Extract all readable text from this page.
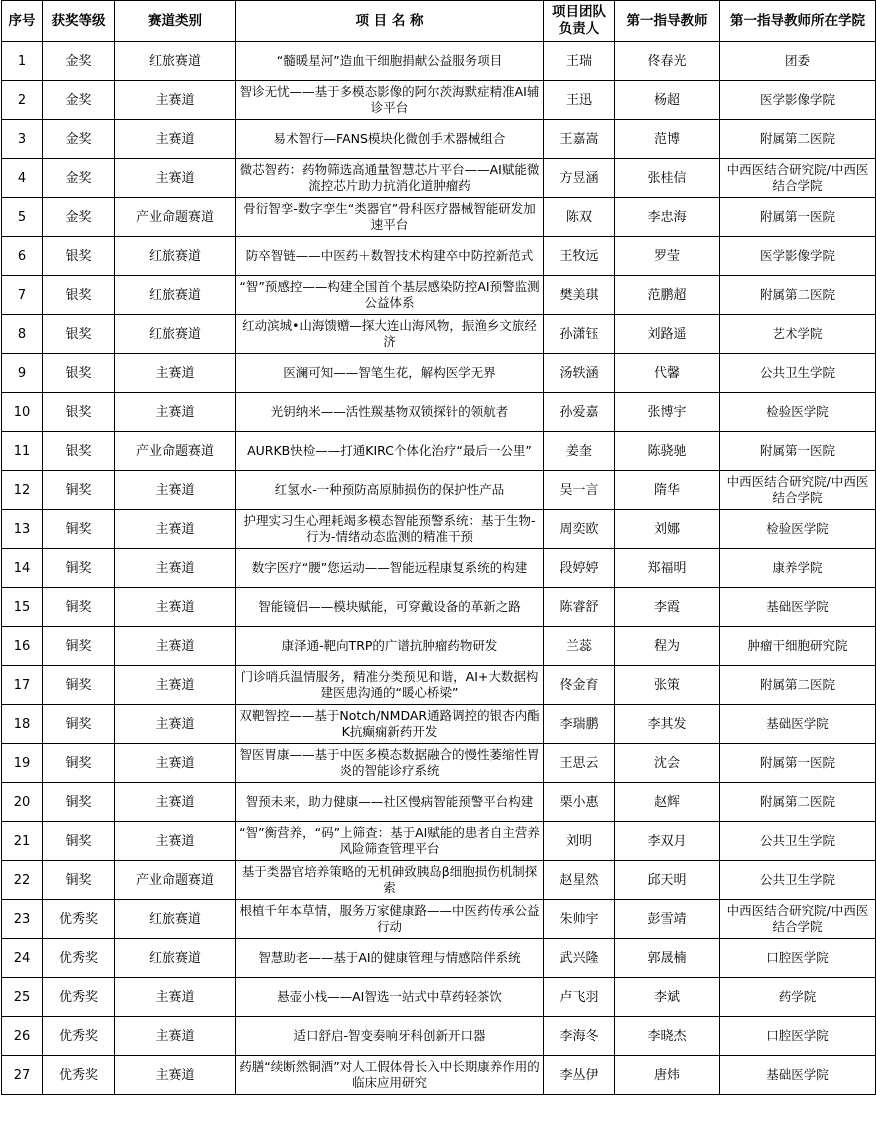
序号	获奖等级	赛道类别	项 目 名 称	项目团队负责人	第一指导教师	第一指导教师所在学院
1	金奖	红旅赛道	“髓暖星河”造血干细胞捐献公益服务项目	王瑞	佟春光	团委
2	金奖	主赛道	智诊无忧——基于多模态影像的阿尔茨海默症精准AI辅诊平台	王迅	杨超	医学影像学院
3	金奖	主赛道	易术智行—FANS模块化微创手术器械组合	王嘉嵩	范博	附属第二医院
4	金奖	主赛道	微芯智药：药物筛选高通量智慧芯片平台——AI赋能微流控芯片助力抗消化道肿瘤药	方昱涵	张桂信	中西医结合研究院/中西医结合学院
5	金奖	产业命题赛道	骨衍智孪-数字孪生“类器官”骨科医疗器械智能研发加速平台	陈双	李忠海	附属第一医院
6	银奖	红旅赛道	防卒智链——中医药＋数智技术构建卒中防控新范式	王牧远	罗莹	医学影像学院
7	银奖	红旅赛道	“智”预感控——构建全国首个基层感染防控AI预警监测公益体系	樊美琪	范鹏超	附属第二医院
8	银奖	红旅赛道	红动滨城•山海馈赠—探大连山海风物，振渔乡文旅经济	孙潇钰	刘路遥	艺术学院
9	银奖	主赛道	医澜可知——智笔生花，解构医学无界	汤轶涵	代馨	公共卫生学院
10	银奖	主赛道	光钥纳米——活性羰基物双锁探针的领航者	孙爱嘉	张博宇	检验医学院
11	银奖	产业命题赛道	AURKB快检——打通KIRC个体化治疗“最后一公里”	姜奎	陈骁驰	附属第一医院
12	铜奖	主赛道	红氢水-一种预防高原肺损伤的保护性产品	吴一言	隋华	中西医结合研究院/中西医结合学院
13	铜奖	主赛道	护理实习生心理耗竭多模态智能预警系统：基于生物- 行为-情绪动态监测的精准干预	周奕欧	刘娜	检验医学院
14	铜奖	主赛道	数字医疗“腰”您运动——智能远程康复系统的构建	段婷婷	郑福明	康养学院
15	铜奖	主赛道	智能镜侣——模块赋能，可穿戴设备的革新之路	陈睿舒	李霞	基础医学院
16	铜奖	主赛道	康泽通-靶向TRP的广谱抗肿瘤药物研发	兰蕊	程为	肿瘤干细胞研究院
17	铜奖	主赛道	门诊哨兵温情服务，精准分类预见和谐，AI+大数据构建医患沟通的“暖心桥梁”	佟金育	张策	附属第二医院
18	铜奖	主赛道	双靶智控——基于Notch/NMDAR通路调控的银杏内酯K抗癫痫新药开发	李瑞鹏	李其发	基础医学院
19	铜奖	主赛道	智医胃康——基于中医多模态数据融合的慢性萎缩性胃炎的智能诊疗系统	王思云	沈会	附属第一医院
20	铜奖	主赛道	智预未来，助力健康——社区慢病智能预警平台构建	栗小惠	赵辉	附属第二医院
21	铜奖	主赛道	“智”衡营养，“码”上筛查：基于AI赋能的患者自主营养风险筛查管理平台	刘明	李双月	公共卫生学院
22	铜奖	产业命题赛道	基于类器官培养策略的无机砷致胰岛β细胞损伤机制探索	赵星然	邱天明	公共卫生学院
23	优秀奖	红旅赛道	根植千年本草情，服务万家健康路——中医药传承公益行动	朱帅宇	彭雪靖	中西医结合研究院/中西医结合学院
24	优秀奖	红旅赛道	智慧助老——基于AI的健康管理与情感陪伴系统	武兴隆	郭晟楠	口腔医学院
25	优秀奖	主赛道	悬壶小栈——AI智选一站式中草药轻茶饮	卢飞羽	李斌	药学院
26	优秀奖	主赛道	适口舒启-智变奏响牙科创新开口器	李海冬	李晓杰	口腔医学院
27	优秀奖	主赛道	药膳“续断然铜酒”对人工假体骨长入中长期康养作用的临床应用研究	李丛伊	唐炜	基础医学院
